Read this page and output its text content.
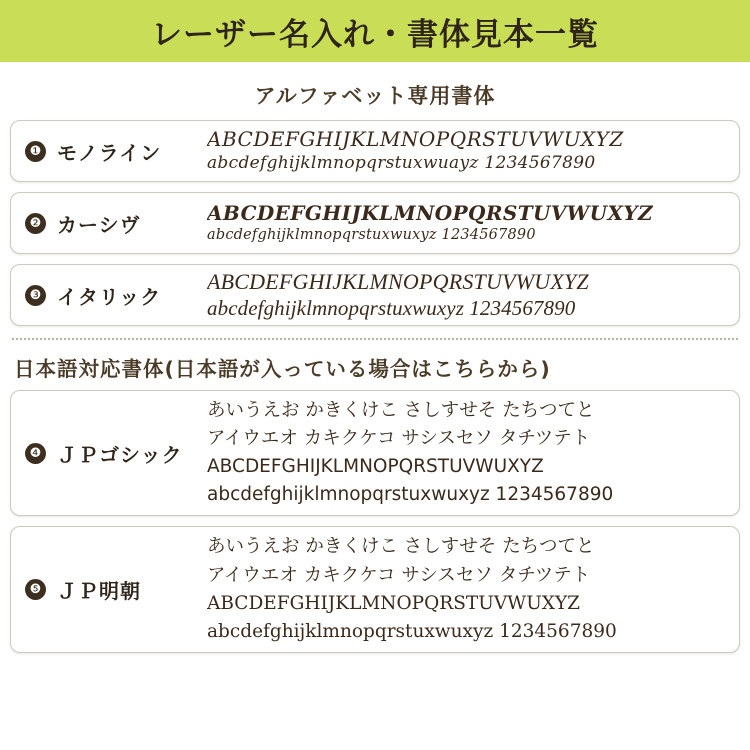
レーザー名入れ・書体見本一覧
アルファベット専用書体
❶ モノライン
ABCDEFGHIJKLMNOPQRSTUVWUXYZ
abcdefghijklmnopqrstuxwuayz 1234567890
❷ カーシヴ	ABCDEFGHIJKLMNOPQRSTUVWUXYZ
abcdefghijklmnopqrstuxwuxyz 1234567890
❸ イタリック
ABCDEFGHIJKLMNOPQRSTUVWUXYZ
abcdefghijklmnopqrstuxwuxyz 1234567890
日本語対応書体(日本語が入っている場合はこちらから)
❹ ＪＰゴシック
あいうえお かきくけこ さしすせそ たちつてと
アイウエオ カキクケコ サシスセソ タチツテト
ABCDEFGHIJKLMNOPQRSTUVWUXYZ
abcdefghijklmnopqrstuxwuxyz 1234567890
❺ ＪＰ明朝
あいうえお かきくけこ さしすせそ たちつてと
アイウエオ カキクケコ サシスセソ タチツテト
ABCDEFGHIJKLMNOPQRSTUVWUXYZ
abcdefghijklmnopqrstuxwuxyz 1234567890
